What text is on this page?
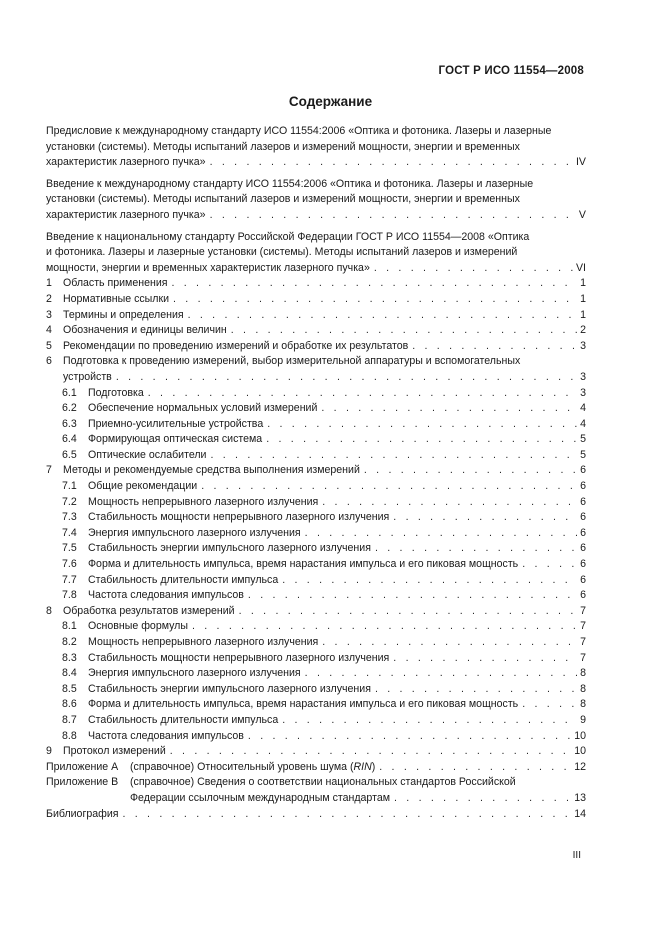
ГОСТ Р ИСО 11554—2008
Содержание
Предисловие к международному стандарту ИСО 11554:2006 «Оптика и фотоника. Лазеры и лазерные
установки (системы). Методы испытаний лазеров и измерений мощности, энергии и временных
характеристик лазерного пучка» . . .	IV
Введение к международному стандарту ИСО 11554:2006 «Оптика и фотоника. Лазеры и лазерные
установки (системы). Методы испытаний лазеров и измерений мощности, энергии и временных
характеристик лазерного пучка» . . .	V
Введение к национальному стандарту Российской Федерации ГОСТ Р ИСО 11554—2008 «Оптика
и фотоника. Лазеры и лазерные установки (системы). Методы испытаний лазеров и измерений
мощности, энергии и временных характеристик лазерного пучка» . . .	VI
1 Область применения . . .	1
2 Нормативные ссылки . . .	1
3 Термины и определения . . .	1
4 Обозначения и единицы величин . . .	2
5 Рекомендации по проведению измерений и обработке их результатов . . .	3
6 Подготовка к проведению измерений, выбор измерительной аппаратуры и вспомогательных
устройств . . .	3
6.1 Подготовка . . .	3
6.2 Обеспечение нормальных условий измерений . . .	4
6.3 Приемно-усилительные устройства . . .	4
6.4 Формирующая оптическая система . . .	5
6.5 Оптические ослабители . . .	5
7 Методы и рекомендуемые средства выполнения измерений . . .	6
7.1 Общие рекомендации . . .	6
7.2 Мощность непрерывного лазерного излучения . . .	6
7.3 Стабильность мощности непрерывного лазерного излучения . . .	6
7.4 Энергия импульсного лазерного излучения . . .	6
7.5 Стабильность энергии импульсного лазерного излучения . . .	6
7.6 Форма и длительность импульса, время нарастания импульса и его пиковая мощность . . .	6
7.7 Стабильность длительности импульса . . .	6
7.8 Частота следования импульсов . . .	6
8 Обработка результатов измерений . . .	7
8.1 Основные формулы . . .	7
8.2 Мощность непрерывного лазерного излучения . . .	7
8.3 Стабильность мощности непрерывного лазерного излучения . . .	7
8.4 Энергия импульсного лазерного излучения . . .	8
8.5 Стабильность энергии импульсного лазерного излучения . . .	8
8.6 Форма и длительность импульса, время нарастания импульса и его пиковая мощность . . .	8
8.7 Стабильность длительности импульса . . .	9
8.8 Частота следования импульсов . . .	10
9 Протокол измерений . . .	10
Приложение А (справочное) Относительный уровень шума (RIN) . . .	12
Приложение В (справочное) Сведения о соответствии национальных стандартов Российской
Федерации ссылочным международным стандартам . . .	13
Библиография . . .	14
III
